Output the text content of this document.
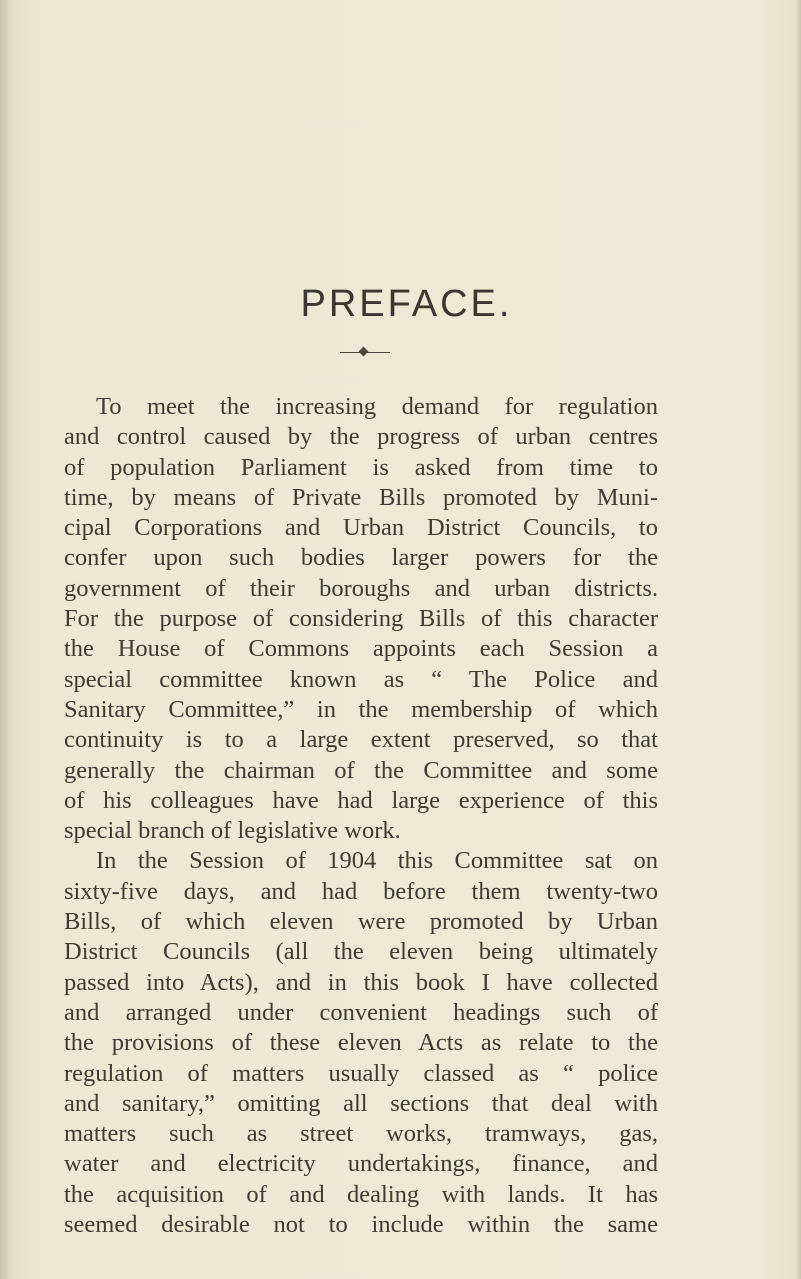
PREFACE.

To meet the increasing demand for regulation
and control caused by the progress of urban centres
of population Parliament is asked from time to
time, by means of Private Bills promoted by Muni-
cipal Corporations and Urban District Councils, to
confer upon such bodies larger powers for the
government of their boroughs and urban districts.
For the purpose of considering Bills of this character
the House of Commons appoints each Session a
special committee known as “ The Police and
Sanitary Committee,” in the membership of which
continuity is to a large extent preserved, so that
generally the chairman of the Committee and some
of his colleagues have had large experience of this
special branch of legislative work.

In the Session of 1904 this Committee sat on
sixty-five days, and had before them twenty-two
Bills, of which eleven were promoted by Urban
District Councils (all the eleven being ultimately
passed into Acts), and in this book I have collected
and arranged under convenient headings such of
the provisions of these eleven Acts as relate to the
regulation of matters usually classed as “ police
and sanitary,” omitting all sections that deal with
matters such as street works, tramways, gas,
water and electricity undertakings, finance, and
the acquisition of and dealing with lands. It has
seemed desirable not to include within the same
